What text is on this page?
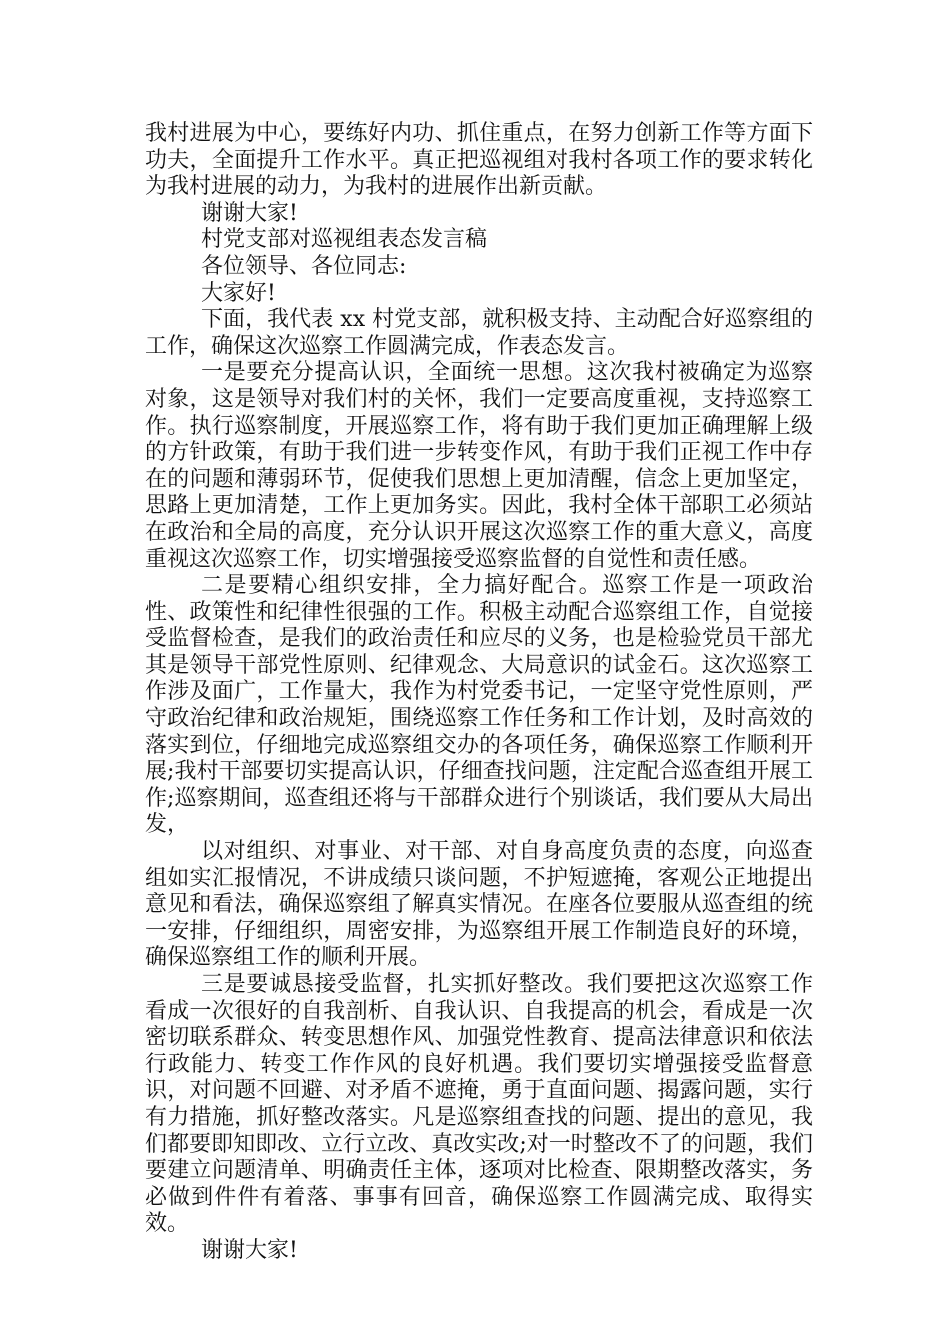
我村进展为中心，要练好内功、抓住重点，在努力创新工作等方面下功夫，全面提升工作水平。真正把巡视组对我村各项工作的要求转化为我村进展的动力，为我村的进展作出新贡献。

谢谢大家!

村党支部对巡视组表态发言稿

各位领导、各位同志:

大家好!

下面，我代表 xx 村党支部，就积极支持、主动配合好巡察组的工作，确保这次巡察工作圆满完成，作表态发言。

一是要充分提高认识，全面统一思想。这次我村被确定为巡察对象，这是领导对我们村的关怀，我们一定要高度重视，支持巡察工作。执行巡察制度，开展巡察工作，将有助于我们更加正确理解上级的方针政策，有助于我们进一步转变作风，有助于我们正视工作中存在的问题和薄弱环节，促使我们思想上更加清醒，信念上更加坚定，思路上更加清楚，工作上更加务实。因此，我村全体干部职工必须站在政治和全局的高度，充分认识开展这次巡察工作的重大意义，高度重视这次巡察工作，切实增强接受巡察监督的自觉性和责任感。

二是要精心组织安排，全力搞好配合。巡察工作是一项政治性、政策性和纪律性很强的工作。积极主动配合巡察组工作，自觉接受监督检查，是我们的政治责任和应尽的义务，也是检验党员干部尤其是领导干部党性原则、纪律观念、大局意识的试金石。这次巡察工作涉及面广，工作量大，我作为村党委书记，一定坚守党性原则，严守政治纪律和政治规矩，围绕巡察工作任务和工作计划，及时高效的落实到位，仔细地完成巡察组交办的各项任务，确保巡察工作顺利开展;我村干部要切实提高认识，仔细查找问题，注定配合巡查组开展工作;巡察期间，巡查组还将与干部群众进行个别谈话，我们要从大局出发，

以对组织、对事业、对干部、对自身高度负责的态度，向巡查组如实汇报情况，不讲成绩只谈问题，不护短遮掩，客观公正地提出意见和看法，确保巡察组了解真实情况。在座各位要服从巡查组的统一安排，仔细组织，周密安排，为巡察组开展工作制造良好的环境，确保巡察组工作的顺利开展。

三是要诚恳接受监督，扎实抓好整改。我们要把这次巡察工作看成一次很好的自我剖析、自我认识、自我提高的机会，看成是一次密切联系群众、转变思想作风、加强党性教育、提高法律意识和依法行政能力、转变工作作风的良好机遇。我们要切实增强接受监督意识，对问题不回避、对矛盾不遮掩，勇于直面问题、揭露问题，实行有力措施，抓好整改落实。凡是巡察组查找的问题、提出的意见，我们都要即知即改、立行立改、真改实改;对一时整改不了的问题，我们要建立问题清单、明确责任主体，逐项对比检查、限期整改落实，务必做到件件有着落、事事有回音，确保巡察工作圆满完成、取得实效。

谢谢大家!
